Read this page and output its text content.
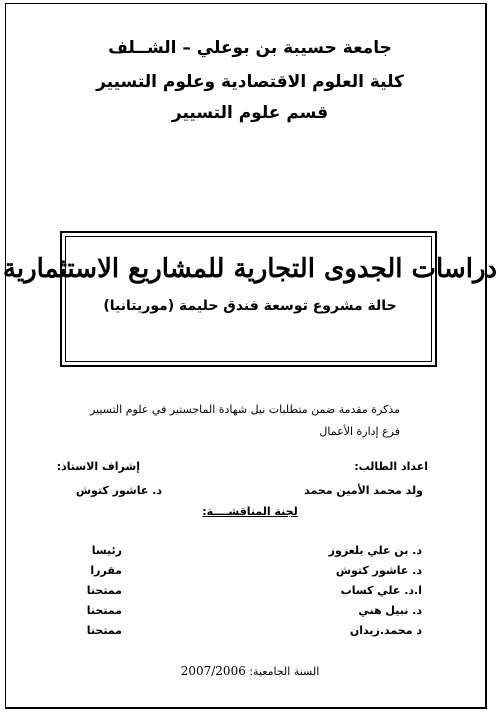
جامعة حسيبة بن بوعلي – الشــلف
كلية العلوم الاقتصادية وعلوم التسيير
قسم علوم التسيير
دراسات الجدوى التجارية للمشاريع الاستثمارية
حالة مشروع توسعة فندق حليمة (موريتانيا)
مذكرة مقدمة ضمن متطلبات نيل شهادة الماجستير في علوم التسيير
فرع إدارة الأعمال
اعداد الطالب:
إشراف الاستاذ:
ولد محمد الأمين محمد
د. عاشور كتوش
لجنة المناقشــــة:
د. بن علي بلعزوز
رئيسا
د. عاشور كتوش
مقررا
ا.د. علي كساب
ممتحنا
د. نبيل هني
ممتحنا
د محمد.زيدان
ممتحنا
السنة الجامعية: 2007/2006
